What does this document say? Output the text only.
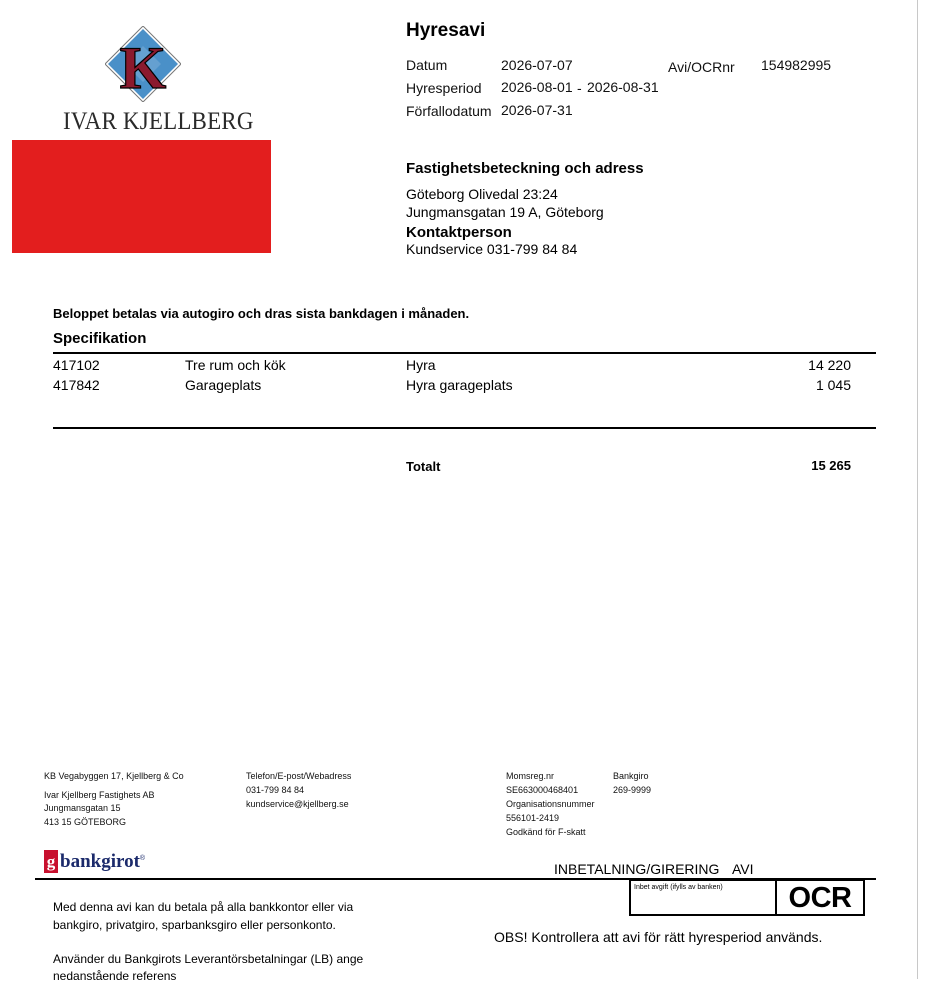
K
IVAR KJELLBERG
Hyresavi
Datum	2026-07-07	Avi/OCRnr 154982995
Hyresperiod 2026-08-01 - 2026-08-31
Förfallodatum 2026-07-31
Fastighetsbeteckning och adress
Göteborg Olivedal 23:24
Jungmansgatan 19 A, Göteborg
Kontaktperson
Kundservice 031-799 84 84
Beloppet betalas via autogiro och dras sista bankdagen i månaden.
Specifikation
417102	Tre rum och kök	Hyra	14 220
417842	Garageplats	Hyra garageplats	1 045
Totalt	15 265
KB Vegabyggen 17, Kjellberg & Co
Ivar Kjellberg Fastighets AB
Jungmansgatan 15
413 15 GÖTEBORG
Telefon/E-post/Webadress
031-799 84 84
kundservice@kjellberg.se
Momsreg.nr
SE663000468401
Organisationsnummer
556101-2419
Godkänd för F-skatt
Bankgiro
269-9999
g bankgirot®
INBETALNING/GIRERING AVI
Inbet avgift (ifylls av banken)	OCR
Med denna avi kan du betala på alla bankkontor eller via
bankgiro, privatgiro, sparbanksgiro eller personkonto.
Använder du Bankgirots Leverantörsbetalningar (LB) ange
nedanstående referens
OBS! Kontrollera att avi för rätt hyresperiod används.
